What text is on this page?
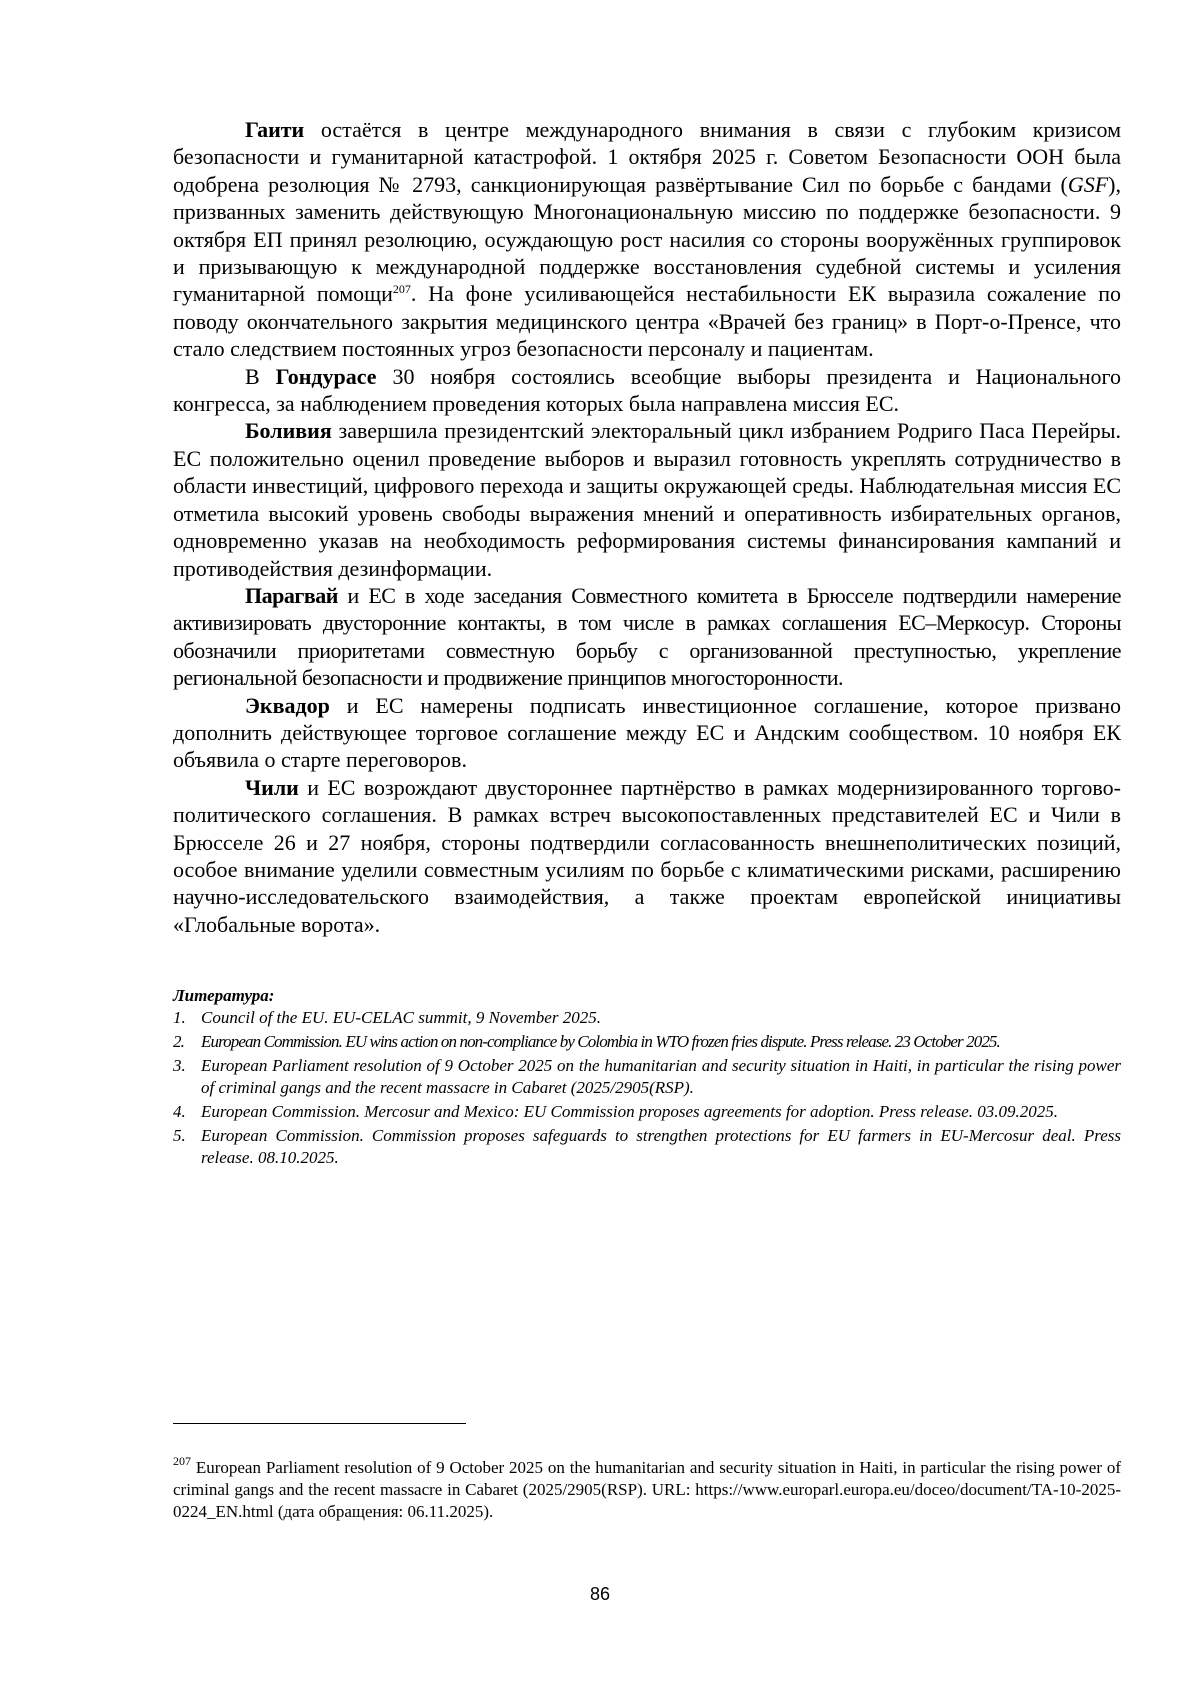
Гаити остаётся в центре международного внимания в связи с глубоким кризисом безопасности и гуманитарной катастрофой. 1 октября 2025 г. Советом Безопасности ООН была одобрена резолюция № 2793, санкционирующая развёртывание Сил по борьбе с бандами (GSF), призванных заменить действующую Многонациональную миссию по поддержке безопасности. 9 октября ЕП принял резолюцию, осуждающую рост насилия со стороны вооружённых группировок и призывающую к международной поддержке восстановления судебной системы и усиления гуманитарной помощи$^{207}$. На фоне усиливающейся нестабильности ЕК выразила сожаление по поводу окончательного закрытия медицинского центра «Врачей без границ» в Порт-о-Пренсе, что стало следствием постоянных угроз безопасности персоналу и пациентам.

В Гондурасе 30 ноября состоялись всеобщие выборы президента и Национального конгресса, за наблюдением проведения которых была направлена миссия ЕС.

Боливия завершила президентский электоральный цикл избранием Родриго Паса Перейры. ЕС положительно оценил проведение выборов и выразил готовность укреплять сотрудничество в области инвестиций, цифрового перехода и защиты окружающей среды. Наблюдательная миссия ЕС отметила высокий уровень свободы выражения мнений и оперативность избирательных органов, одновременно указав на необходимость реформирования системы финансирования кампаний и противодействия дезинформации.

Парагвай и ЕС в ходе заседания Совместного комитета в Брюсселе подтвердили намерение активизировать двусторонние контакты, в том числе в рамках соглашения ЕС–Меркосур. Стороны обозначили приоритетами совместную борьбу с организованной преступностью, укрепление региональной безопасности и продвижение принципов многосторонности.

Эквадор и ЕС намерены подписать инвестиционное соглашение, которое призвано дополнить действующее торговое соглашение между ЕС и Андским сообществом. 10 ноября ЕК объявила о старте переговоров.

Чили и ЕС возрождают двустороннее партнёрство в рамках модернизированного торгово-политического соглашения. В рамках встреч высокопоставленных представителей ЕС и Чили в Брюсселе 26 и 27 ноября, стороны подтвердили согласованность внешнеполитических позиций, особое внимание уделили совместным усилиям по борьбе с климатическими рисками, расширению научно-исследовательского взаимодействия, а также проектам европейской инициативы «Глобальные ворота».

Литература:

1. Council of the EU. EU-CELAC summit, 9 November 2025.
2. European Commission. EU wins action on non-compliance by Colombia in WTO frozen fries dispute. Press release. 23 October 2025.
3. European Parliament resolution of 9 October 2025 on the humanitarian and security situation in Haiti, in particular the rising power of criminal gangs and the recent massacre in Cabaret (2025/2905(RSP).
4. European Commission. Mercosur and Mexico: EU Commission proposes agreements for adoption. Press release. 03.09.2025.
5. European Commission. Commission proposes safeguards to strengthen protections for EU farmers in EU-Mercosur deal. Press release. 08.10.2025.
$^{207}$ European Parliament resolution of 9 October 2025 on the humanitarian and security situation in Haiti, in particular the rising power of criminal gangs and the recent massacre in Cabaret (2025/2905(RSP). URL: https://www.europarl.europa.eu/doceo/document/TA-10-2025-0224_EN.html (дата обращения: 06.11.2025).
86
